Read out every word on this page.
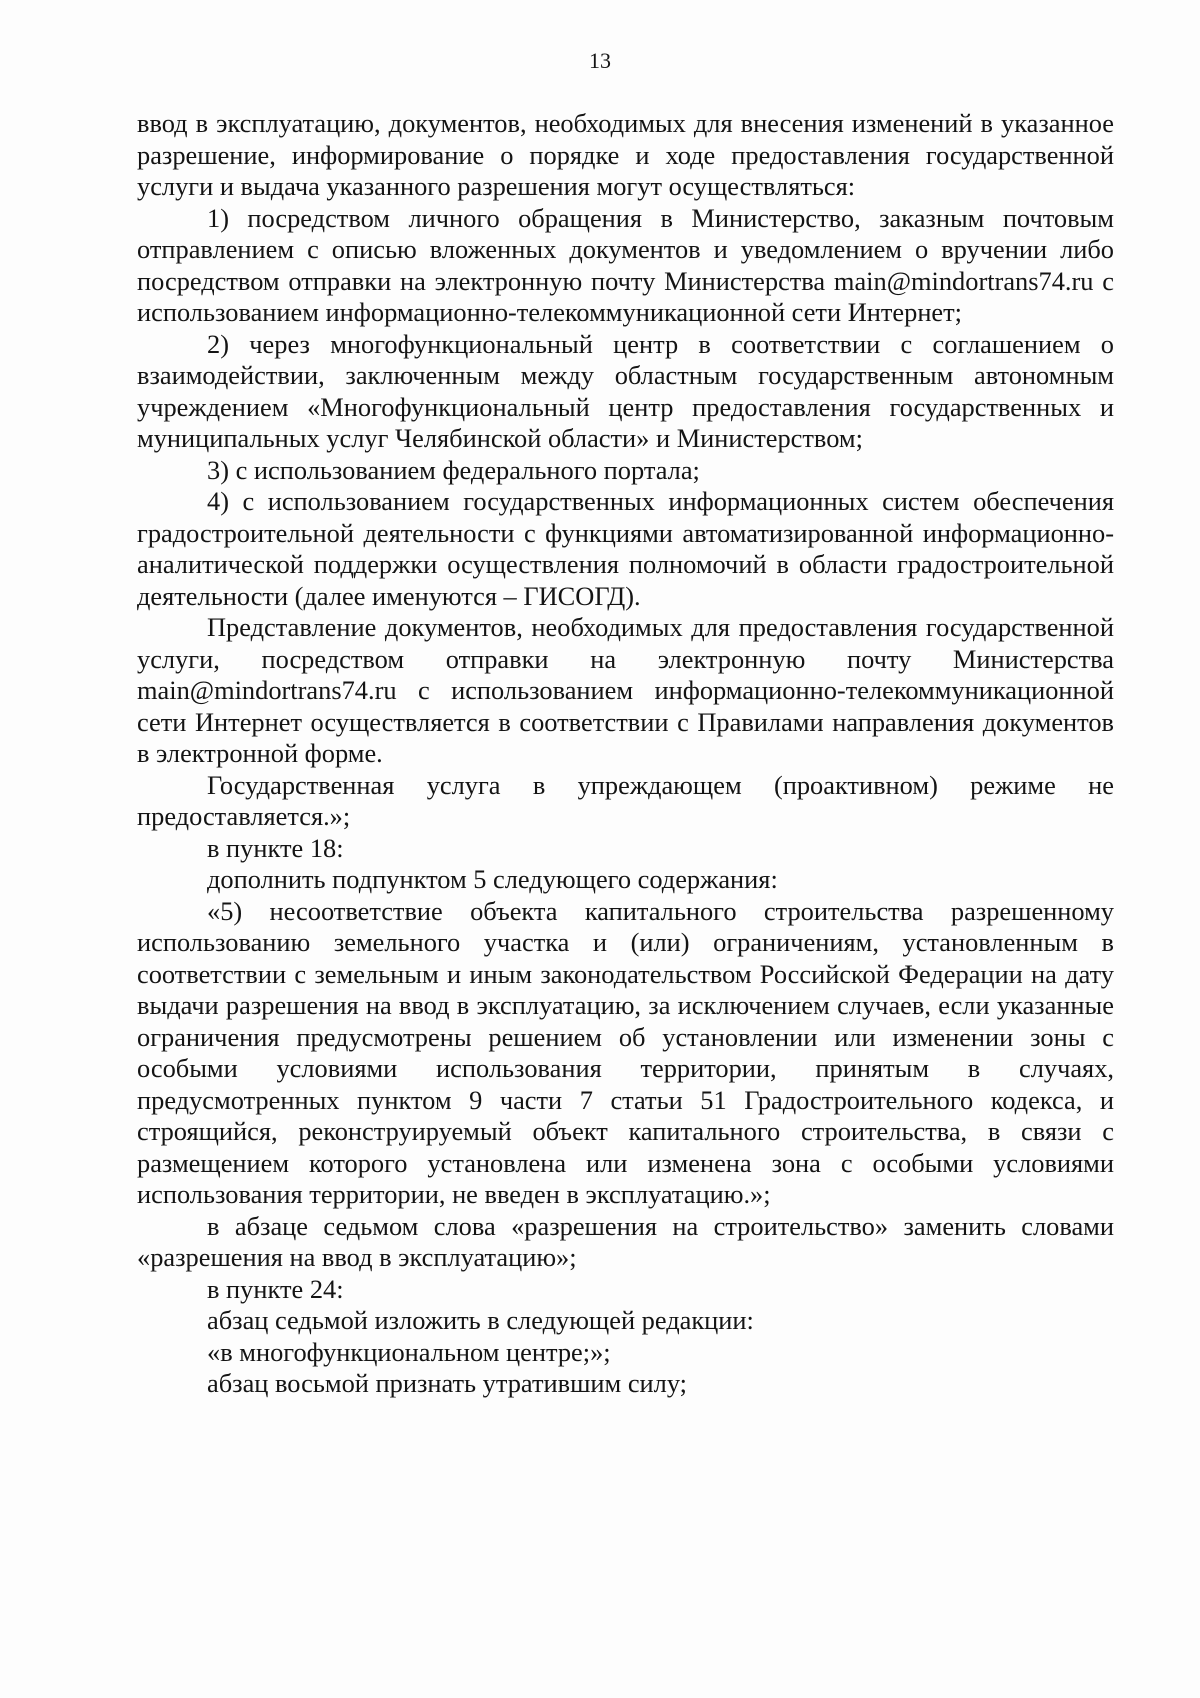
13

ввод в эксплуатацию, документов, необходимых для внесения изменений в указанное разрешение, информирование о порядке и ходе предоставления государственной услуги и выдача указанного разрешения могут осуществляться:

1) посредством личного обращения в Министерство, заказным почтовым отправлением с описью вложенных документов и уведомлением о вручении либо посредством отправки на электронную почту Министерства main@mindortrans74.ru с использованием информационно-телекоммуникационной сети Интернет;

2) через многофункциональный центр в соответствии с соглашением о взаимодействии, заключенным между областным государственным автономным учреждением «Многофункциональный центр предоставления государственных и муниципальных услуг Челябинской области» и Министерством;

3) с использованием федерального портала;

4) с использованием государственных информационных систем обеспечения градостроительной деятельности с функциями автоматизированной информационно-аналитической поддержки осуществления полномочий в области градостроительной деятельности (далее именуются – ГИСОГД).

Представление документов, необходимых для предоставления государственной услуги, посредством отправки на электронную почту Министерства main@mindortrans74.ru с использованием информационно-телекоммуникационной сети Интернет осуществляется в соответствии с Правилами направления документов в электронной форме.

Государственная услуга в упреждающем (проактивном) режиме не предоставляется.»;

в пункте 18:

дополнить подпунктом 5 следующего содержания:

«5) несоответствие объекта капитального строительства разрешенному использованию земельного участка и (или) ограничениям, установленным в соответствии с земельным и иным законодательством Российской Федерации на дату выдачи разрешения на ввод в эксплуатацию, за исключением случаев, если указанные ограничения предусмотрены решением об установлении или изменении зоны с особыми условиями использования территории, принятым в случаях, предусмотренных пунктом 9 части 7 статьи 51 Градостроительного кодекса, и строящийся, реконструируемый объект капитального строительства, в связи с размещением которого установлена или изменена зона с особыми условиями использования территории, не введен в эксплуатацию.»;

в абзаце седьмом слова «разрешения на строительство» заменить словами «разрешения на ввод в эксплуатацию»;

в пункте 24:

абзац седьмой изложить в следующей редакции:

«в многофункциональном центре;»;

абзац восьмой признать утратившим силу;
